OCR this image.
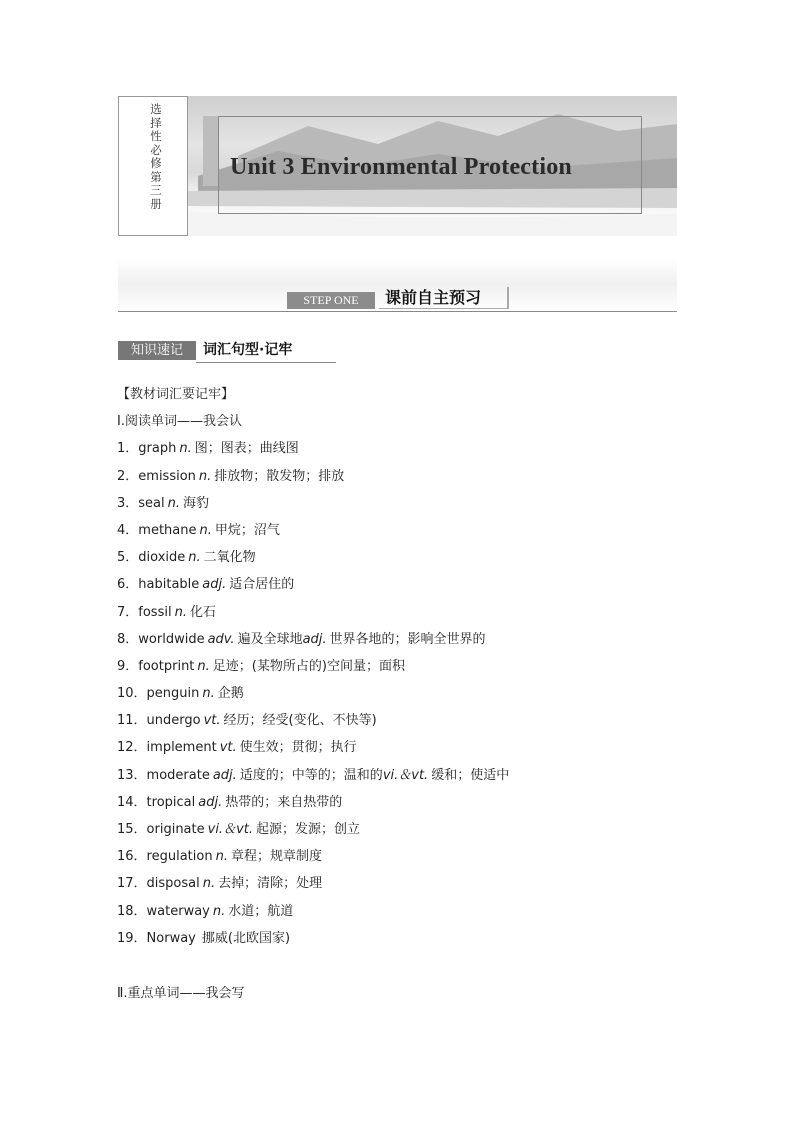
选择性必修第三册
Unit 3 Environmental Protection
STEP ONE	课前自主预习
知识速记	词汇句型·记牢
【教材词汇要记牢】
Ⅰ.阅读单词——我会认
1．graph n. 图；图表；曲线图
2．emission n. 排放物；散发物；排放
3．seal n. 海豹
4．methane n. 甲烷；沼气
5．dioxide n. 二氧化物
6．habitable adj. 适合居住的
7．fossil n. 化石
8．worldwide adv. 遍及全球地adj. 世界各地的；影响全世界的
9．footprint n. 足迹；(某物所占的)空间量；面积
10．penguin n. 企鹅
11．undergo vt. 经历；经受(变化、不快等)
12．implement vt. 使生效；贯彻；执行
13．moderate adj. 适度的；中等的；温和的vi.＆vt. 缓和；使适中
14．tropical adj. 热带的；来自热带的
15．originate vi.＆vt. 起源；发源；创立
16．regulation n. 章程；规章制度
17．disposal n. 去掉；清除；处理
18．waterway n. 水道；航道
19．Norway 挪威(北欧国家)
Ⅱ.重点单词——我会写
